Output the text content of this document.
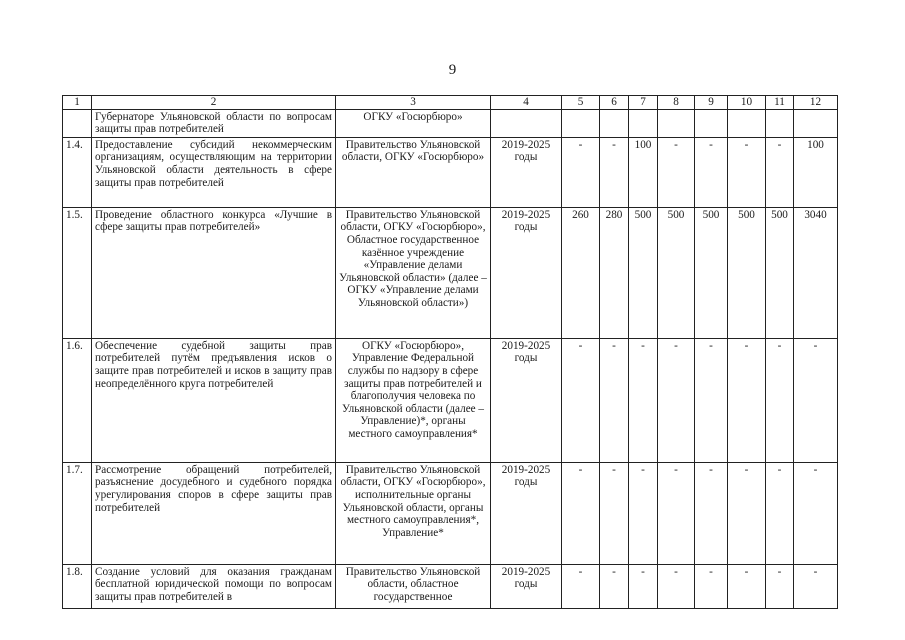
9
1	2	3	4	5	6	7	8	9	10	11	12
	Губернаторе Ульяновской области по вопросам защиты прав потребителей	ОГКУ «Госюрбюро»									
1.4.	Предоставление субсидий некоммерческим организациям, осуществляющим на территории Ульяновской области деятельность в сфере защиты прав потребителей	Правительство Ульяновской области, ОГКУ «Госюрбюро»	2019-2025 годы	-	-	100	-	-	-	-	100
1.5.	Проведение областного конкурса «Лучшие в сфере защиты прав потребителей»	Правительство Ульяновской области, ОГКУ «Госюрбюро», Областное государственное казённое учреждение «Управление делами Ульяновской области» (далее – ОГКУ «Управление делами Ульяновской области»)	2019-2025 годы	260	280	500	500	500	500	500	3040
1.6.	Обеспечение судебной защиты прав потребителей путём предъявления исков о защите прав потребителей и исков в защиту прав неопределённого круга потребителей	ОГКУ «Госюрбюро», Управление Федеральной службы по надзору в сфере защиты прав потребителей и благополучия человека по Ульяновской области (далее – Управление)*, органы местного самоуправления*	2019-2025 годы	-	-	-	-	-	-	-	-
1.7.	Рассмотрение обращений потребителей, разъяснение досудебного и судебного порядка урегулирования споров в сфере защиты прав потребителей	Правительство Ульяновской области, ОГКУ «Госюрбюро», исполнительные органы Ульяновской области, органы местного самоуправления*, Управление*	2019-2025 годы	-	-	-	-	-	-	-	-
1.8.	Создание условий для оказания гражданам бесплатной юридической помощи по вопросам защиты прав потребителей в	Правительство Ульяновской области, областное государственное	2019-2025 годы	-	-	-	-	-	-	-	-
